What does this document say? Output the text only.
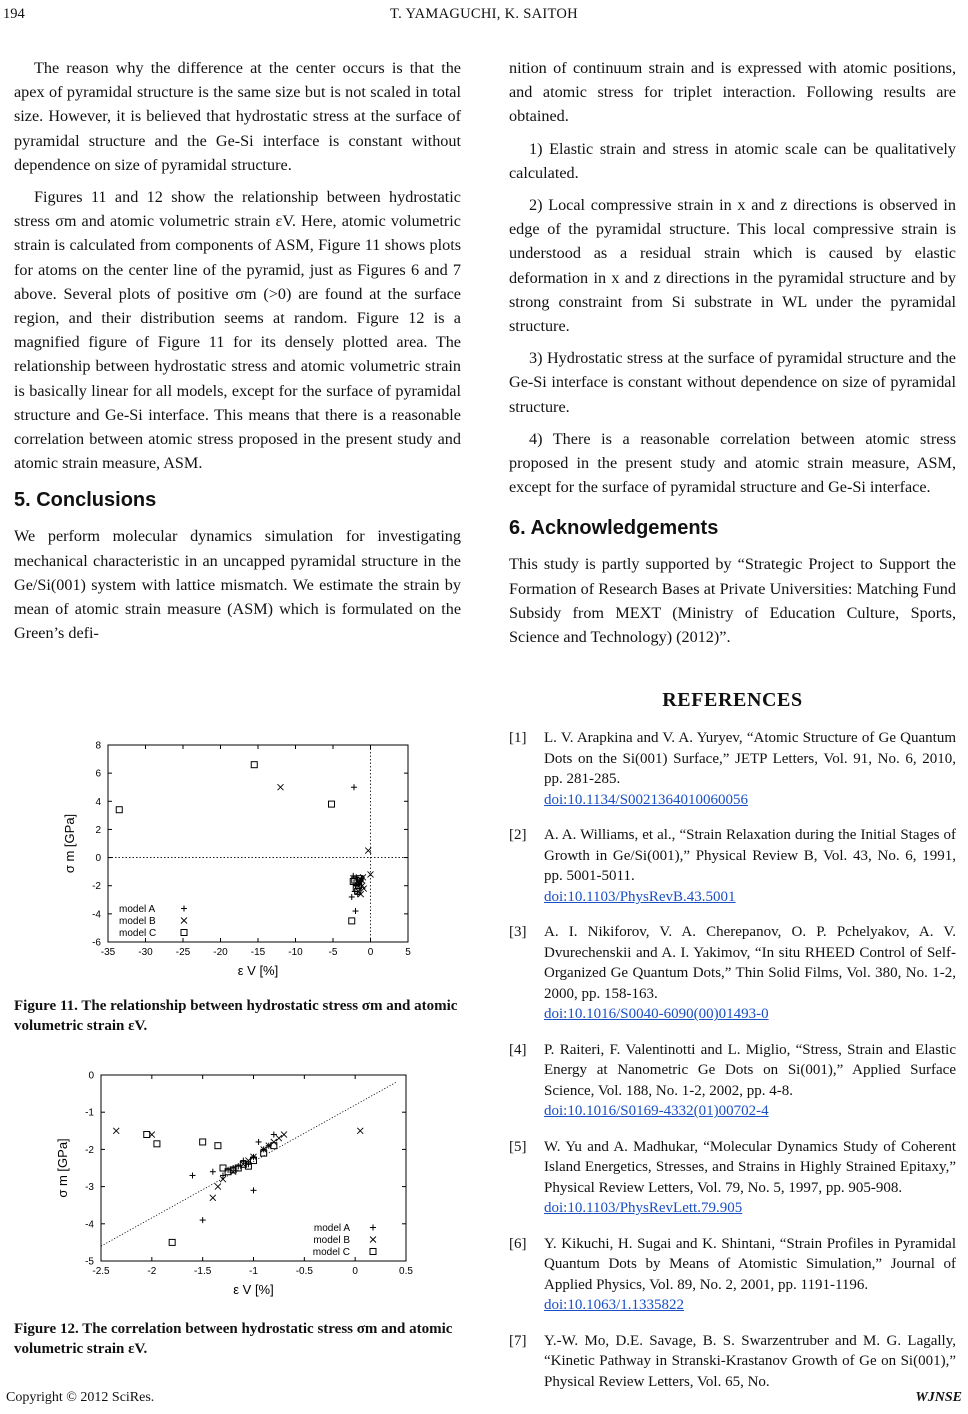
194	T. YAMAGUCHI, K. SAITOH

The reason why the difference at the center occurs is that the apex of pyramidal structure is the same size but is not scaled in total size. However, it is believed that hydrostatic stress at the surface of pyramidal structure and the Ge-Si interface is constant without dependence on size of pyramidal structure.

Figures 11 and 12 show the relationship between hydrostatic stress σm and atomic volumetric strain εV. Here, atomic volumetric strain is calculated from components of ASM, Figure 11 shows plots for atoms on the center line of the pyramid, just as Figures 6 and 7 above. Several plots of positive σm (>0) are found at the surface region, and their distribution seems at random. Figure 12 is a magnified figure of Figure 11 for its densely plotted area. The relationship between hydrostatic stress and atomic volumetric strain is basically linear for all models, except for the surface of pyramidal structure and Ge-Si interface. This means that there is a reasonable correlation between atomic stress proposed in the present study and atomic strain measure, ASM.

5. Conclusions

We perform molecular dynamics simulation for investigating mechanical characteristic in an uncapped pyramidal structure in the Ge/Si(001) system with lattice mismatch. We estimate the strain by mean of atomic strain measure (ASM) which is formulated on the Green’s defi-

nition of continuum strain and is expressed with atomic positions, and atomic stress for triplet interaction. Following results are obtained.

1) Elastic strain and stress in atomic scale can be qualitatively calculated.

2) Local compressive strain in x and z directions is observed in edge of the pyramidal structure. This local compressive strain is understood as a residual strain which is caused by elastic deformation in x and z directions in the pyramidal structure and by strong constraint from Si substrate in WL under the pyramidal structure.

3) Hydrostatic stress at the surface of pyramidal structure and the Ge-Si interface is constant without dependence on size of pyramidal structure.

4) There is a reasonable correlation between atomic stress proposed in the present study and atomic strain measure, ASM, except for the surface of pyramidal structure and Ge-Si interface.

6. Acknowledgements

This study is partly supported by “Strategic Project to Support the Formation of Research Bases at Private Universities: Matching Fund Subsidy from MEXT (Ministry of Education Culture, Sports, Science and Technology) (2012)”.

REFERENCES
[1] L. V. Arapkina and V. A. Yuryev, “Atomic Structure of Ge Quantum Dots on the Si(001) Surface,” JETP Letters, Vol. 91, No. 6, 2010, pp. 281-285.
doi:10.1134/S0021364010060056
[2] A. A. Williams, et al., “Strain Relaxation during the Initial Stages of Growth in Ge/Si(001),” Physical Review B, Vol. 43, No. 6, 1991, pp. 5001-5011.
doi:10.1103/PhysRevB.43.5001
[3] A. I. Nikiforov, V. A. Cherepanov, O. P. Pchelyakov, A. V. Dvurechenskii and A. I. Yakimov, “In situ RHEED Control of Self-Organized Ge Quantum Dots,” Thin Solid Films, Vol. 380, No. 1-2, 2000, pp. 158-163.
doi:10.1016/S0040-6090(00)01493-0
[4] P. Raiteri, F. Valentinotti and L. Miglio, “Stress, Strain and Elastic Energy at Nanometric Ge Dots on Si(001),” Applied Surface Science, Vol. 188, No. 1-2, 2002, pp. 4-8.
doi:10.1016/S0169-4332(01)00702-4
[5] W. Yu and A. Madhukar, “Molecular Dynamics Study of Coherent Island Energetics, Stresses, and Strains in Highly Strained Epitaxy,” Physical Review Letters, Vol. 79, No. 5, 1997, pp. 905-908.
doi:10.1103/PhysRevLett.79.905
[6] Y. Kikuchi, H. Sugai and K. Shintani, “Strain Profiles in Pyramidal Quantum Dots by Means of Atomistic Simulation,” Journal of Applied Physics, Vol. 89, No. 2, 2001, pp. 1191-1196.
doi:10.1063/1.1335822
[7] Y.-W. Mo, D.E. Savage, B. S. Swarzentruber and M. G. Lagally, “Kinetic Pathway in Stranski-Krastanov Growth of Ge on Si(001),” Physical Review Letters, Vol. 65, No.
-35 -30 -25 -20 -15 -10	-5	0	5
-6
-4
-2
0
2
4
6
8
ε V [%]
σ m [GPa]
model A
model B
model C
Figure 11. The relationship between hydrostatic stress σm and atomic volumetric strain εV.
-2.5	-2	-1.5	-1	-0.5	0	0.5
-5
-4
-3
-2
-1
0
ε V [%]
σ m [GPa]
model A
model B
model C
Figure 12. The correlation between hydrostatic stress σm and atomic volumetric strain εV.
Copyright © 2012 SciRes.	WJNSE
